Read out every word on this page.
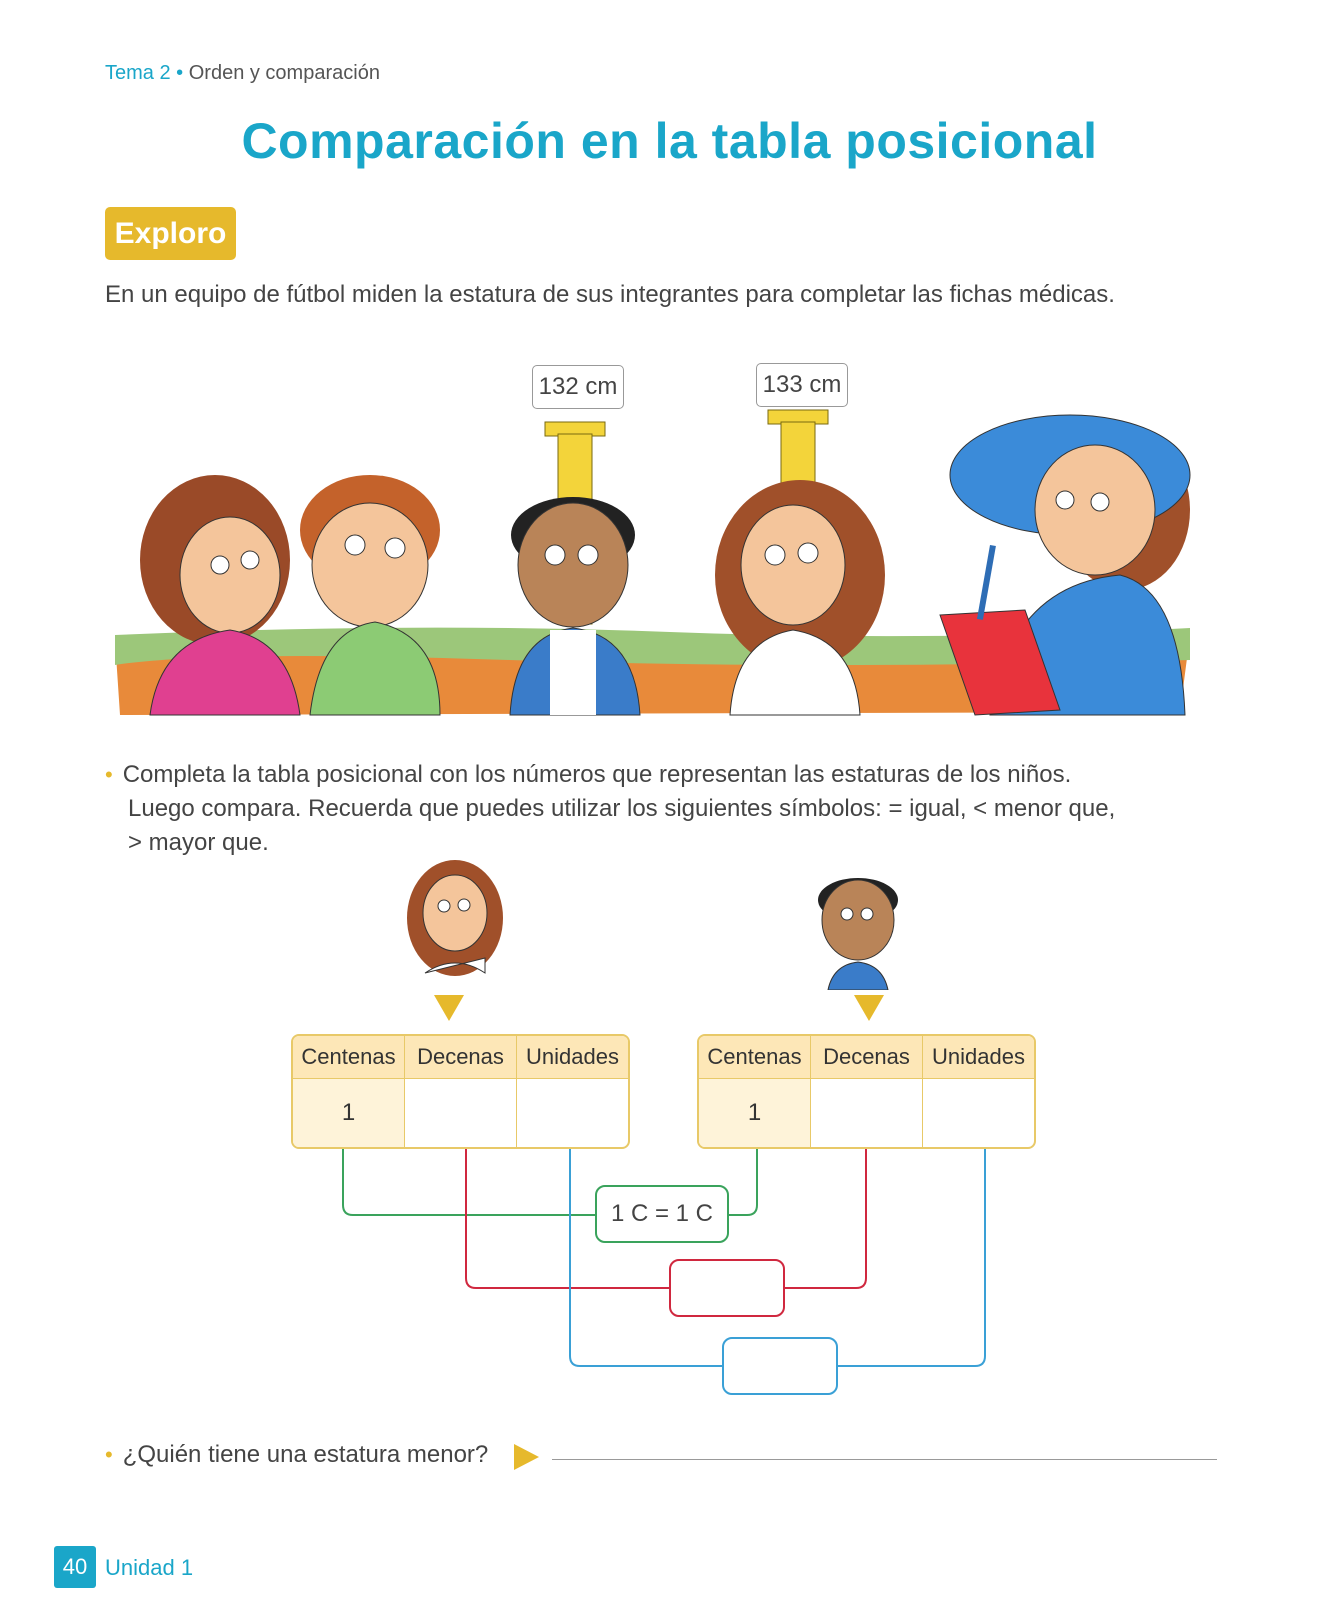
Tema 2 • Orden y comparación
Comparación en la tabla posicional
Exploro
En un equipo de fútbol miden la estatura de sus integrantes para completar las fichas médicas.
132 cm	133 cm
• Completa la tabla posicional con los números que representan las estaturas de los niños.
Luego compara. Recuerda que puedes utilizar los siguientes símbolos: = igual, < menor que,
> mayor que.
1 C = 1 C
Centenas Decenas	Unidades
1
Centenas Decenas	Unidades
1
• ¿Quién tiene una estatura menor?
40 Unidad 1
